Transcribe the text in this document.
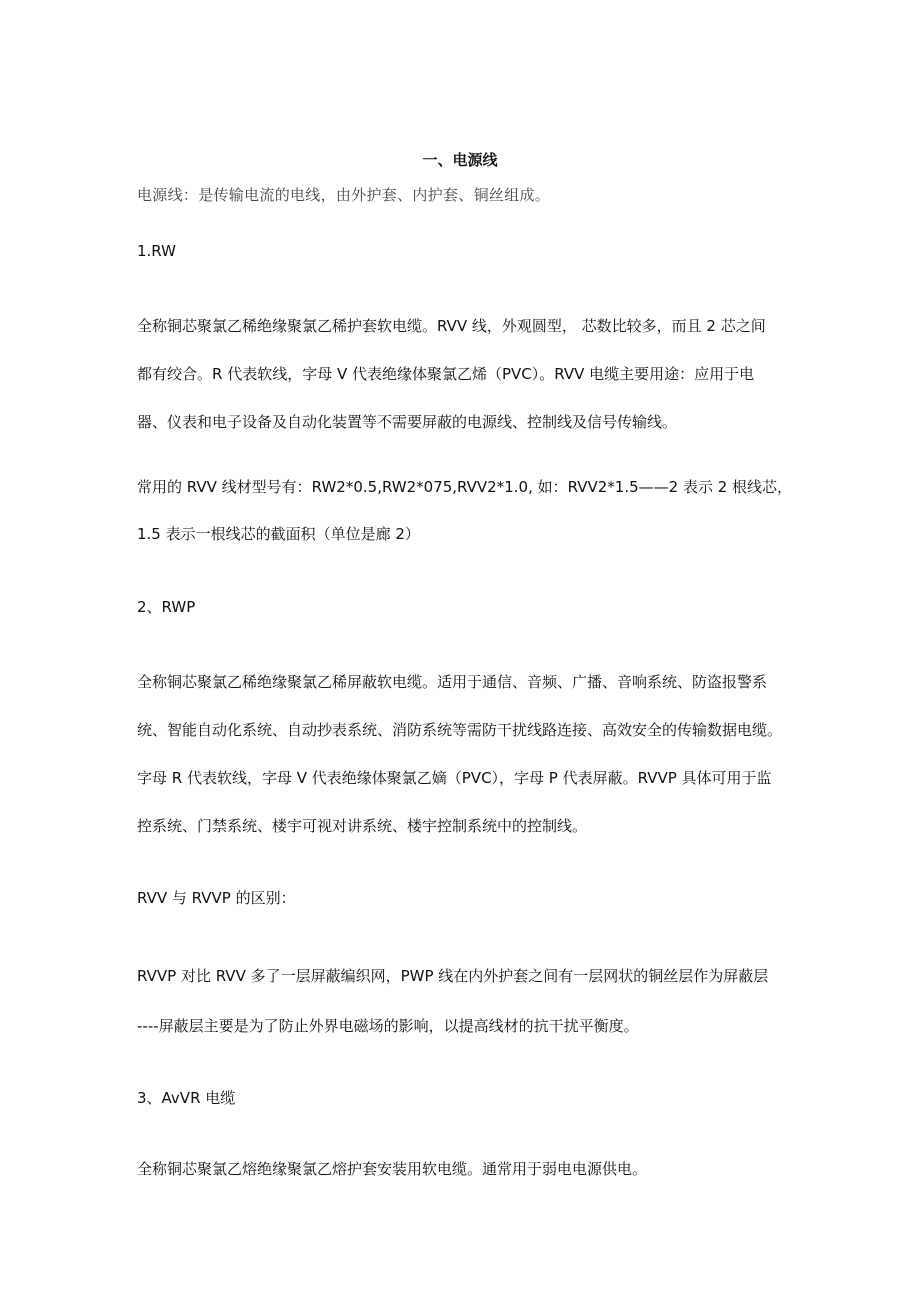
一、电源线

电源线：是传输电流的电线，由外护套、内护套、铜丝组成。

1.RW

全称铜芯聚氯乙稀绝缘聚氯乙稀护套软电缆。RVV 线，外观圆型， 芯数比较多，而且 2 芯之间

都有绞合。R 代表软线，字母 V 代表绝缘体聚氯乙烯（PVC）。RVV 电缆主要用途：应用于电

器、仪表和电子设备及自动化装置等不需要屏蔽的电源线、控制线及信号传输线。

常用的 RVV 线材型号有：RW2*0.5,RW2*075,RVV2*1.0, 如：RVV2*1.5——2 表示 2 根线芯，

1.5 表示一根线芯的截面积（单位是廊 2）

2、RWP

全称铜芯聚氯乙稀绝缘聚氯乙稀屏蔽软电缆。适用于通信、音频、广播、音响系统、防盗报警系

统、智能自动化系统、自动抄表系统、消防系统等需防干扰线路连接、高效安全的传输数据电缆。

字母 R 代表软线，字母 V 代表绝缘体聚氯乙嫡（PVC），字母 P 代表屏蔽。RVVP 具体可用于监

控系统、门禁系统、楼宇可视对讲系统、楼宇控制系统中的控制线。

RVV 与 RVVP 的区别：

RVVP 对比 RVV 多了一层屏蔽编织网，PWP 线在内外护套之间有一层网状的铜丝层作为屏蔽层

----屏蔽层主要是为了防止外界电磁场的影响，以提高线材的抗干扰平衡度。

3、AvVR 电缆

全称铜芯聚氯乙熔绝缘聚氯乙熔护套安装用软电缆。通常用于弱电电源供电。
